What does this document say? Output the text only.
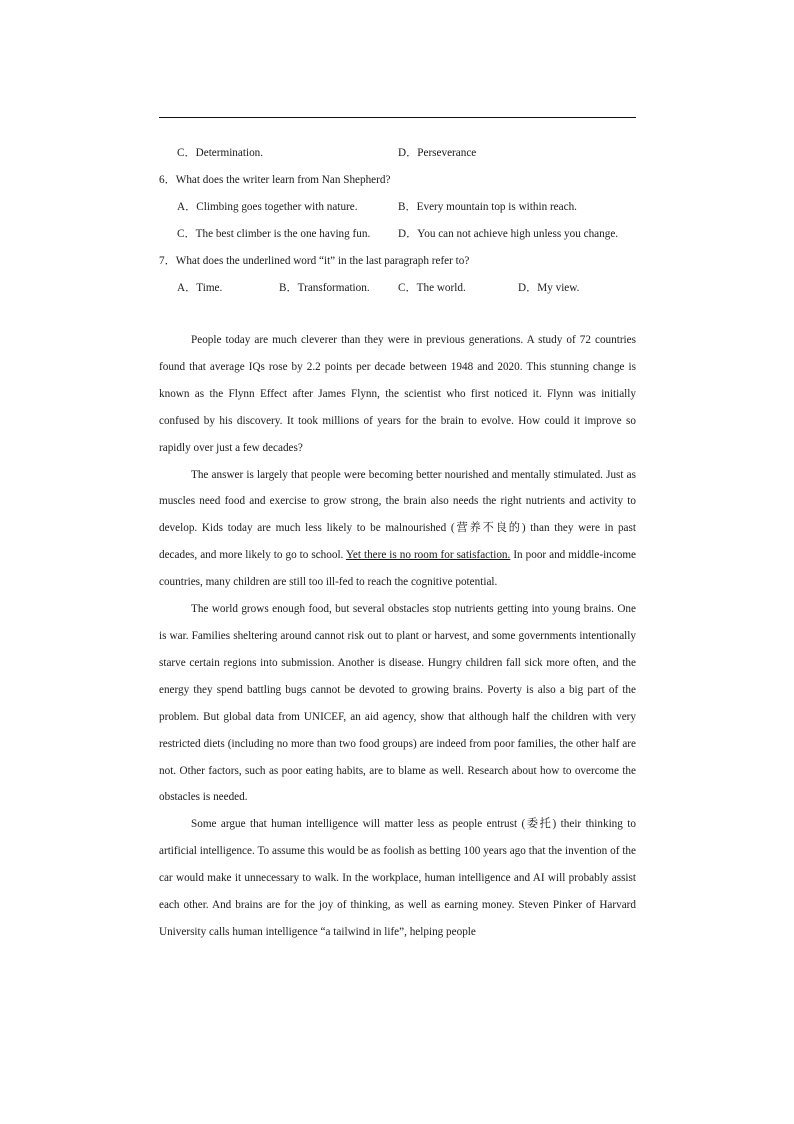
C．Determination.	D．Perseverance
6．What does the writer learn from Nan Shepherd?
A．Climbing goes together with nature.	B．Every mountain top is within reach.
C．The best climber is the one having fun. D．You can not achieve high unless you change.
7．What does the underlined word “it” in the last paragraph refer to?
A．Time.	B．Transformation.	C．The world.	D．My view.

People today are much cleverer than they were in previous generations. A study of 72 countries found that average IQs rose by 2.2 points per decade between 1948 and 2020. This stunning change is known as the Flynn Effect after James Flynn, the scientist who first noticed it. Flynn was initially confused by his discovery. It took millions of years for the brain to evolve. How could it improve so rapidly over just a few decades?

The answer is largely that people were becoming better nourished and mentally stimulated. Just as muscles need food and exercise to grow strong, the brain also needs the right nutrients and activity to develop. Kids today are much less likely to be malnourished (营养不良的) than they were in past decades, and more likely to go to school. Yet there is no room for satisfaction. In poor and middle-income countries, many children are still too ill-fed to reach the cognitive potential.

The world grows enough food, but several obstacles stop nutrients getting into young brains. One is war. Families sheltering around cannot risk out to plant or harvest, and some governments intentionally starve certain regions into submission. Another is disease. Hungry children fall sick more often, and the energy they spend battling bugs cannot be devoted to growing brains. Poverty is also a big part of the problem. But global data from UNICEF, an aid agency, show that although half the children with very restricted diets (including no more than two food groups) are indeed from poor families, the other half are not. Other factors, such as poor eating habits, are to blame as well. Research about how to overcome the obstacles is needed.

Some argue that human intelligence will matter less as people entrust (委托) their thinking to artificial intelligence. To assume this would be as foolish as betting 100 years ago that the invention of the car would make it unnecessary to walk. In the workplace, human intelligence and AI will probably assist each other. And brains are for the joy of thinking, as well as earning money. Steven Pinker of Harvard University calls human intelligence “a tailwind in life”, helping people
